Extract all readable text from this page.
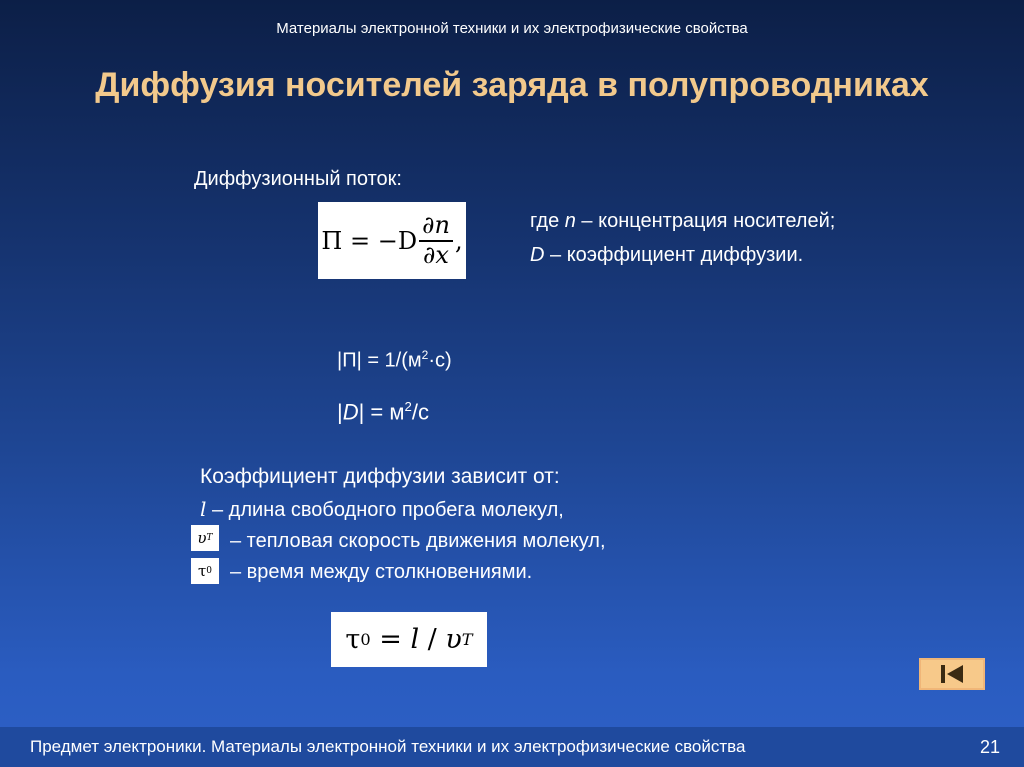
Материалы электронной техники и их электрофизические свойства
Диффузия носителей заряда в полупроводниках
Диффузионный поток:
$\Pi = -D \frac{\partial n}{\partial x}$ ,
где n – концентрация носителей;
D – коэффициент диффузии.
$|П| = 1/(м^2\cdot с)$
$|D| = м^2/с$
Коэффициент диффузии зависит от:
l – длина свободного пробега молекул,
υ T – тепловая скорость движения молекул,
τ 0 – время между столкновениями.
τ 0 = l / υ T
Предмет электроники. Материалы электронной техники и их электрофизические свойства	21
